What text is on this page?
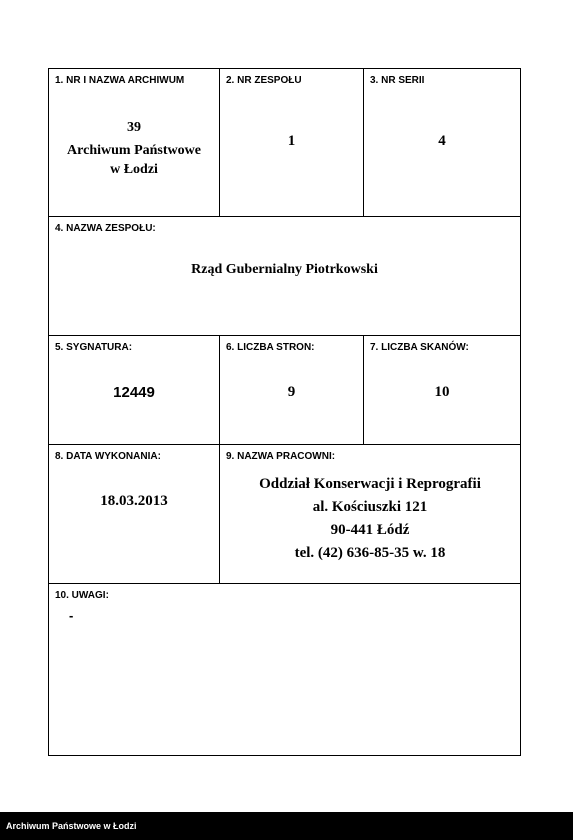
1. NR I NAZWA ARCHIWUM
39
Archiwum Państwowe
w Łodzi
2. NR ZESPOŁU
1
3. NR SERII
4
4. NAZWA ZESPOŁU:
Rząd Gubernialny Piotrkowski
5. SYGNATURA:
12449
6. LICZBA STRON:
9
7. LICZBA SKANÓW:
10
8. DATA WYKONANIA:
18.03.2013
9. NAZWA PRACOWNI:
Oddział Konserwacji i Reprografii
al. Kościuszki 121
90-441 Łódź
tel. (42) 636-85-35 w. 18
10. UWAGI:
-
Archiwum Państwowe w Łodzi
